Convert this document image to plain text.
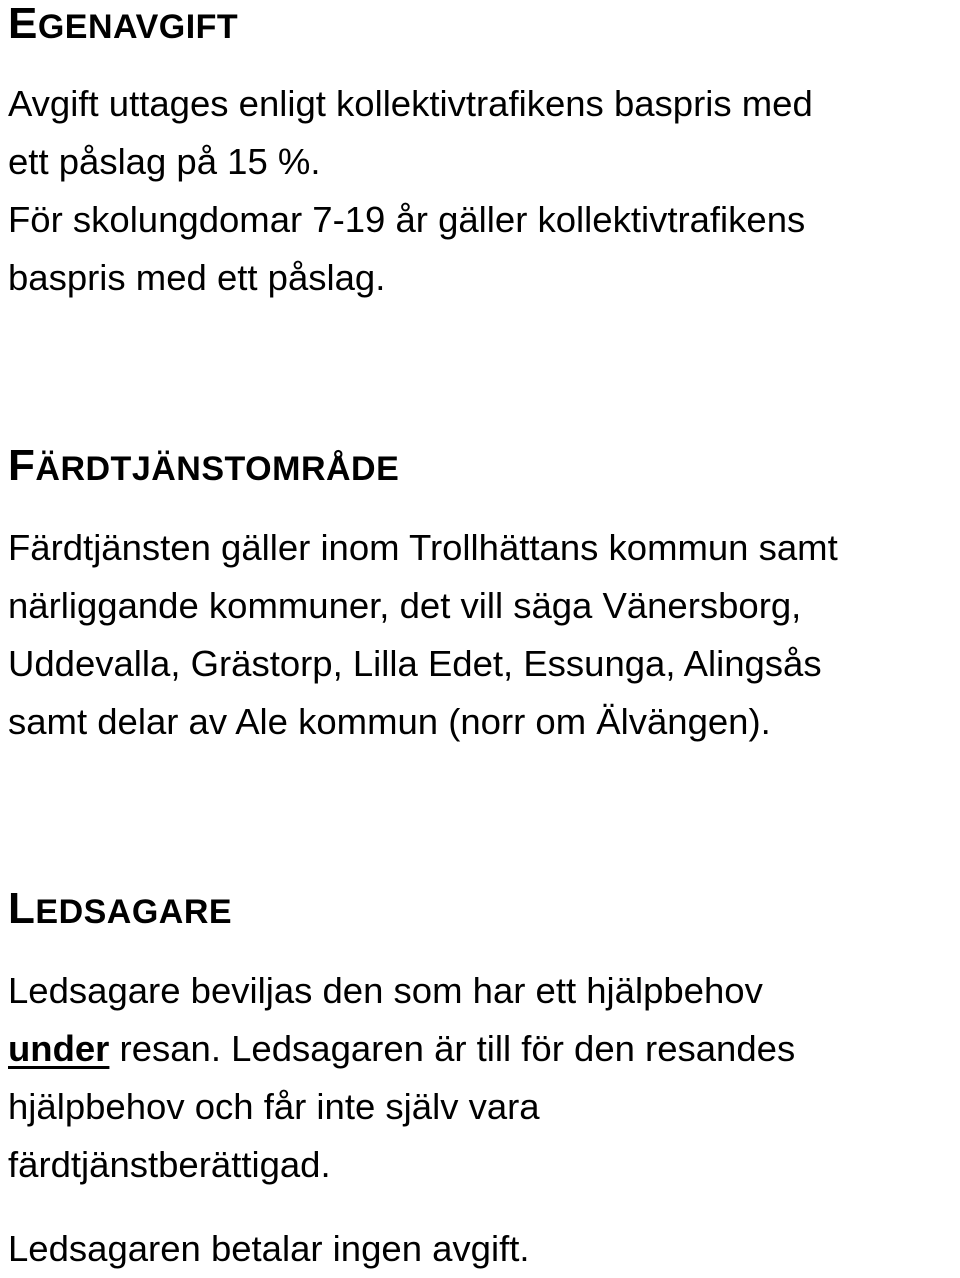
EGENAVGIFT

Avgift uttages enligt kollektivtrafikens baspris med
ett påslag på 15 %.
För skolungdomar 7-19 år gäller kollektivtrafikens
baspris med ett påslag.

FÄRDTJÄNSTOMRÅDE

Färdtjänsten gäller inom Trollhättans kommun samt
närliggande kommuner, det vill säga Vänersborg,
Uddevalla, Grästorp, Lilla Edet, Essunga, Alingsås
samt delar av Ale kommun (norr om Älvängen).

LEDSAGARE

Ledsagare beviljas den som har ett hjälpbehov
under resan. Ledsagaren är till för den resandes
hjälpbehov och får inte själv vara
färdtjänstberättigad.

Ledsagaren betalar ingen avgift.
